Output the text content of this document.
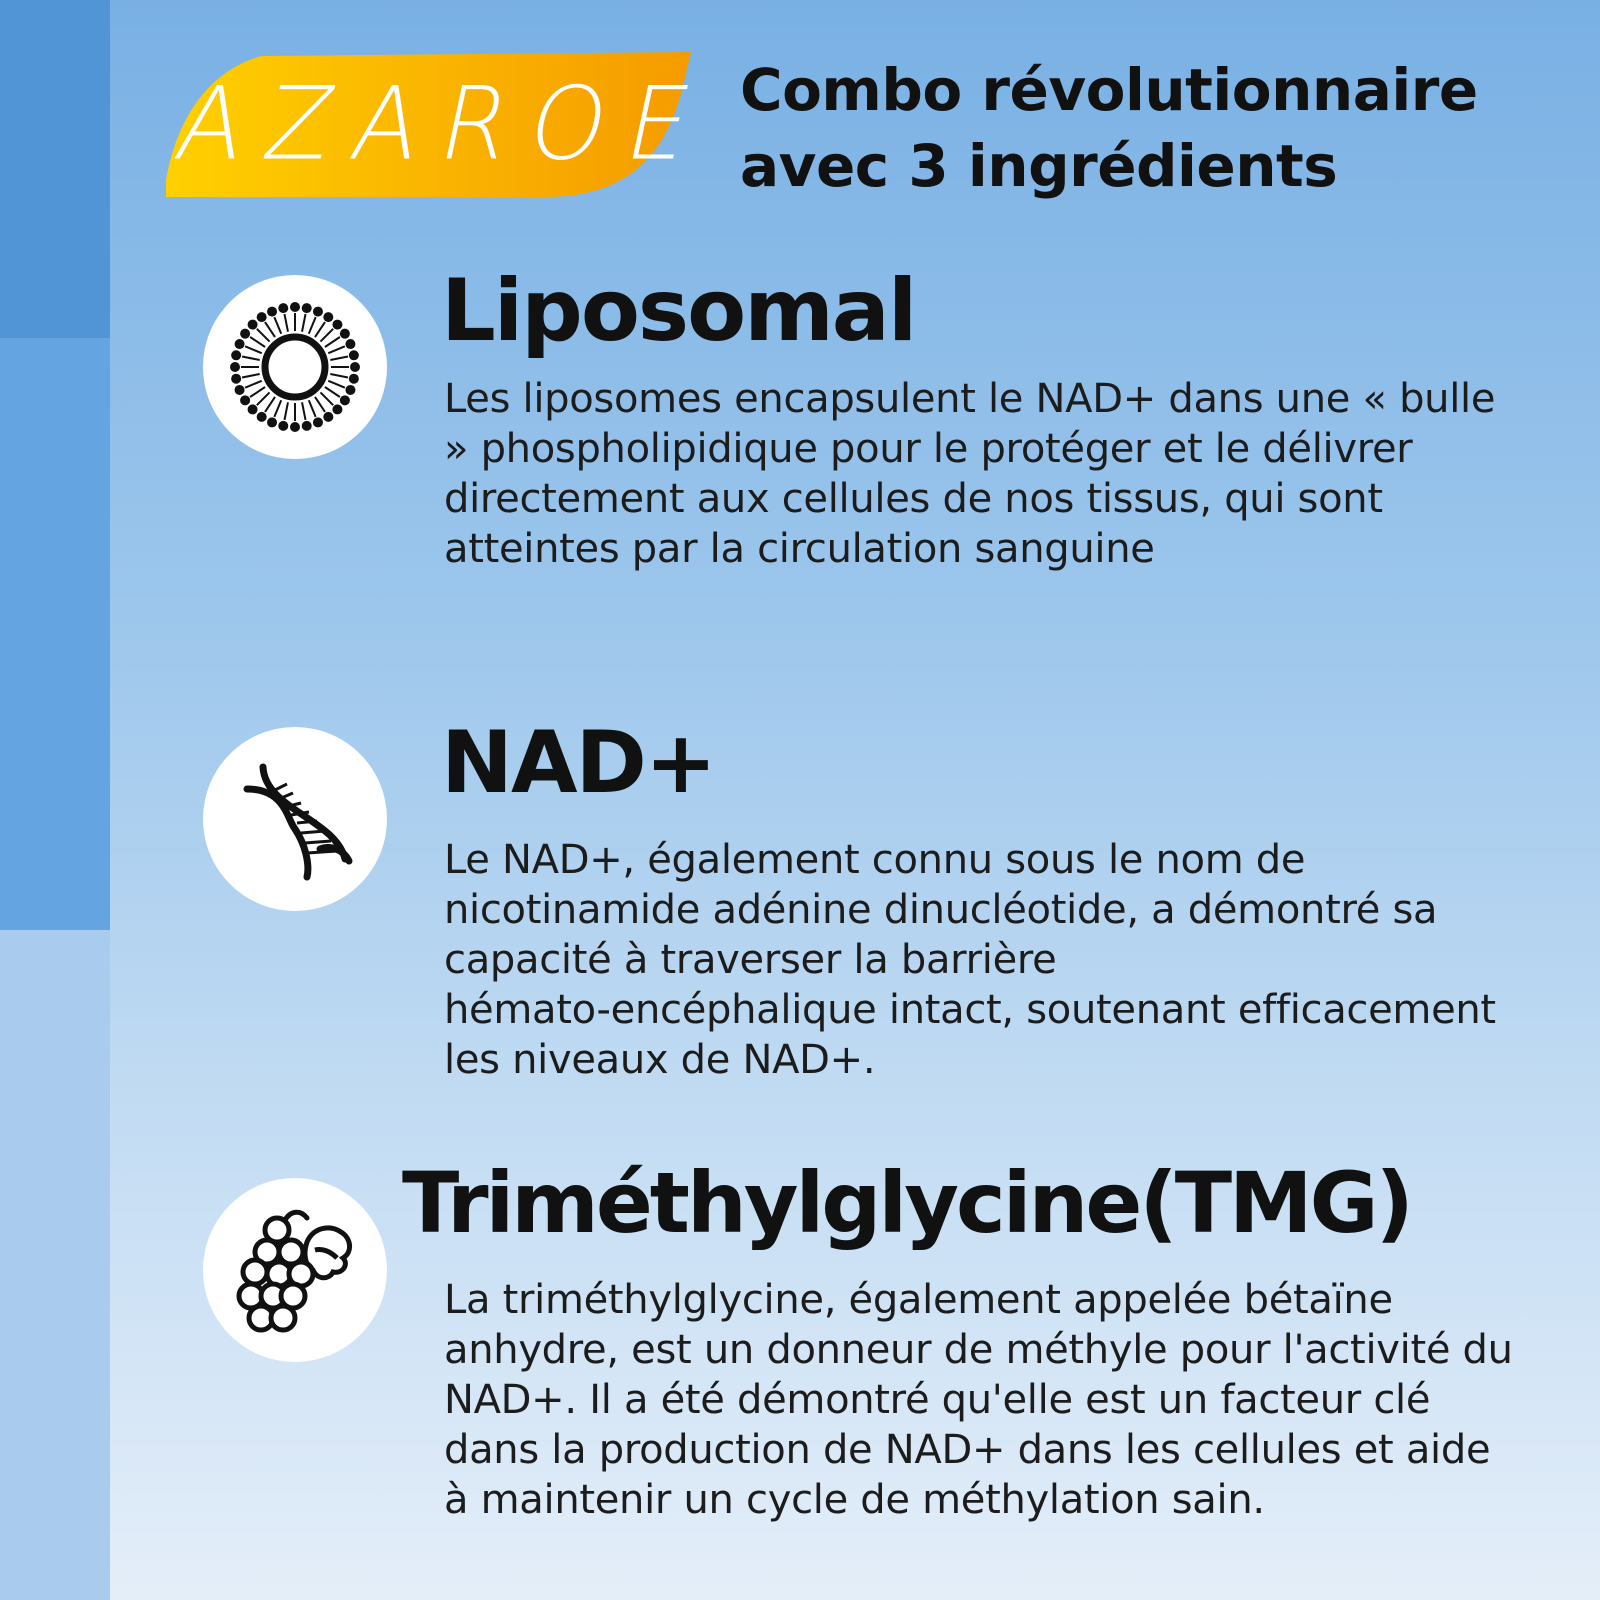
AZAROE Combo révolutionnaire
avec 3 ingrédients
Liposomal
Les liposomes encapsulent le NAD+ dans une « bulle
» phospholipidique pour le protéger et le délivrer
directement aux cellules de nos tissus, qui sont
atteintes par la circulation sanguine
NAD+
Le NAD+, également connu sous le nom de
nicotinamide adénine dinucléotide, a démontré sa
capacité à traverser la barrière
hémato-encéphalique intact, soutenant efficacement
les niveaux de NAD+.
Triméthylglycine(TMG)
La triméthylglycine, également appelée bétaïne
anhydre, est un donneur de méthyle pour l'activité du
NAD+. Il a été démontré qu'elle est un facteur clé
dans la production de NAD+ dans les cellules et aide
à maintenir un cycle de méthylation sain.
